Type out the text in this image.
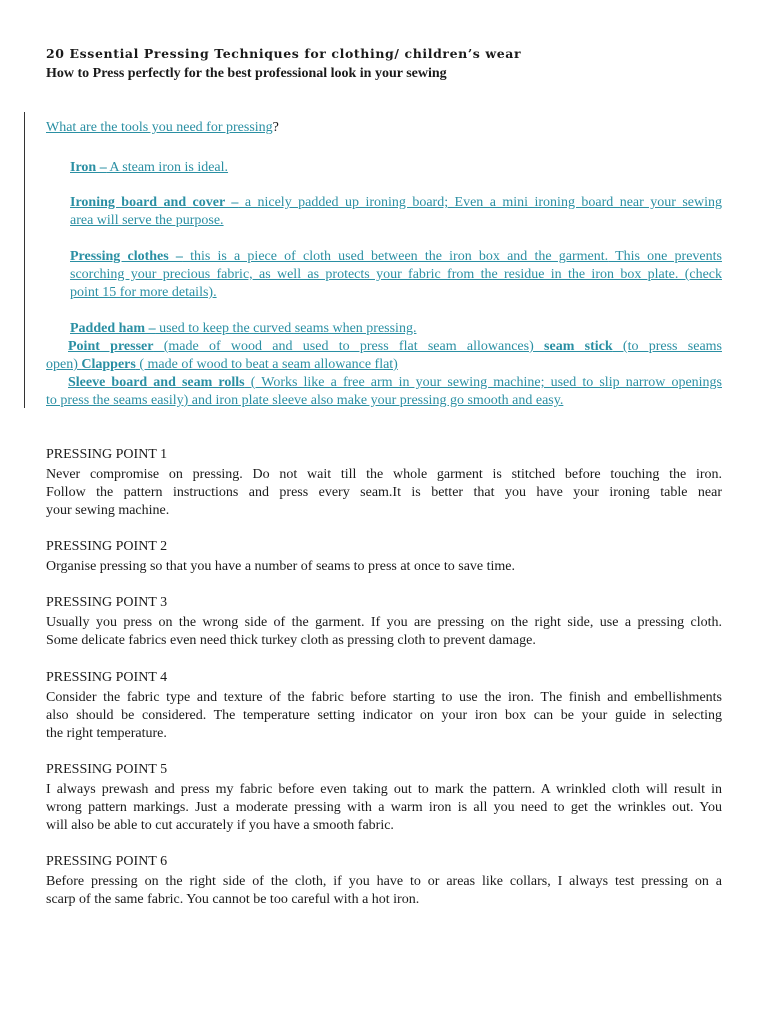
20 Essential Pressing Techniques for clothing/ children’s wear
How to Press perfectly for the best professional look in your sewing
What are the tools you need for pressing?
Iron – A steam iron is ideal.
Ironing board and cover – a nicely padded up ironing board; Even a mini ironing board near your sewing
area will serve the purpose.
Pressing clothes – this is a piece of cloth used between the iron box and the garment. This one prevents
scorching your precious fabric, as well as protects your fabric from the residue in the iron box plate. (check
point 15 for more details).
Padded ham – used to keep the curved seams when pressing.
Point presser (made of wood and used to press flat seam allowances) seam stick (to press seams
open) Clappers ( made of wood to beat a seam allowance flat)
Sleeve board and seam rolls ( Works like a free arm in your sewing machine; used to slip narrow openings
to press the seams easily) and iron plate sleeve also make your pressing go smooth and easy.
PRESSING POINT 1
Never compromise on pressing. Do not wait till the whole garment is stitched before touching the iron.
Follow the pattern instructions and press every seam.It is better that you have your ironing table near
your sewing machine.
PRESSING POINT 2
Organise pressing so that you have a number of seams to press at once to save time.
PRESSING POINT 3
Usually you press on the wrong side of the garment. If you are pressing on the right side, use a pressing cloth.
Some delicate fabrics even need thick turkey cloth as pressing cloth to prevent damage.
PRESSING POINT 4
Consider the fabric type and texture of the fabric before starting to use the iron. The finish and embellishments
also should be considered. The temperature setting indicator on your iron box can be your guide in selecting
the right temperature.
PRESSING POINT 5
I always prewash and press my fabric before even taking out to mark the pattern. A wrinkled cloth will result in
wrong pattern markings. Just a moderate pressing with a warm iron is all you need to get the wrinkles out. You
will also be able to cut accurately if you have a smooth fabric.
PRESSING POINT 6
Before pressing on the right side of the cloth, if you have to or areas like collars, I always test pressing on a
scarp of the same fabric. You cannot be too careful with a hot iron.
